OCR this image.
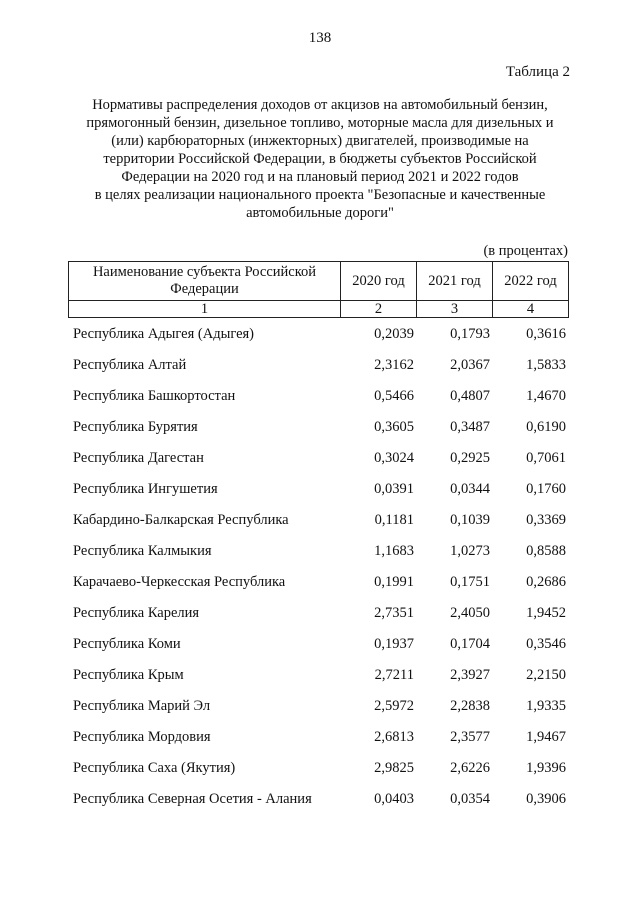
138
Таблица 2
Нормативы распределения доходов от акцизов на автомобильный бензин,
прямогонный бензин, дизельное топливо, моторные масла для дизельных и
(или) карбюраторных (инжекторных) двигателей, производимые на
территории Российской Федерации, в бюджеты субъектов Российской
Федерации на 2020 год и на плановый период 2021 и 2022 годов
в целях реализации национального проекта "Безопасные и качественные
автомобильные дороги"
(в процентах)
Наименование субъекта Российской
Федерации	2020 год	2021 год	2022 год
1	2	3	4
Республика Адыгея (Адыгея)	0,2039	0,1793	0,3616
Республика Алтай	2,3162	2,0367	1,5833
Республика Башкортостан	0,5466	0,4807	1,4670
Республика Бурятия	0,3605	0,3487	0,6190
Республика Дагестан	0,3024	0,2925	0,7061
Республика Ингушетия	0,0391	0,0344	0,1760
Кабардино-Балкарская Республика	0,1181	0,1039	0,3369
Республика Калмыкия	1,1683	1,0273	0,8588
Карачаево-Черкесская Республика	0,1991	0,1751	0,2686
Республика Карелия	2,7351	2,4050	1,9452
Республика Коми	0,1937	0,1704	0,3546
Республика Крым	2,7211	2,3927	2,2150
Республика Марий Эл	2,5972	2,2838	1,9335
Республика Мордовия	2,6813	2,3577	1,9467
Республика Саха (Якутия)	2,9825	2,6226	1,9396
Республика Северная Осетия - Алания	0,0403	0,0354	0,3906
